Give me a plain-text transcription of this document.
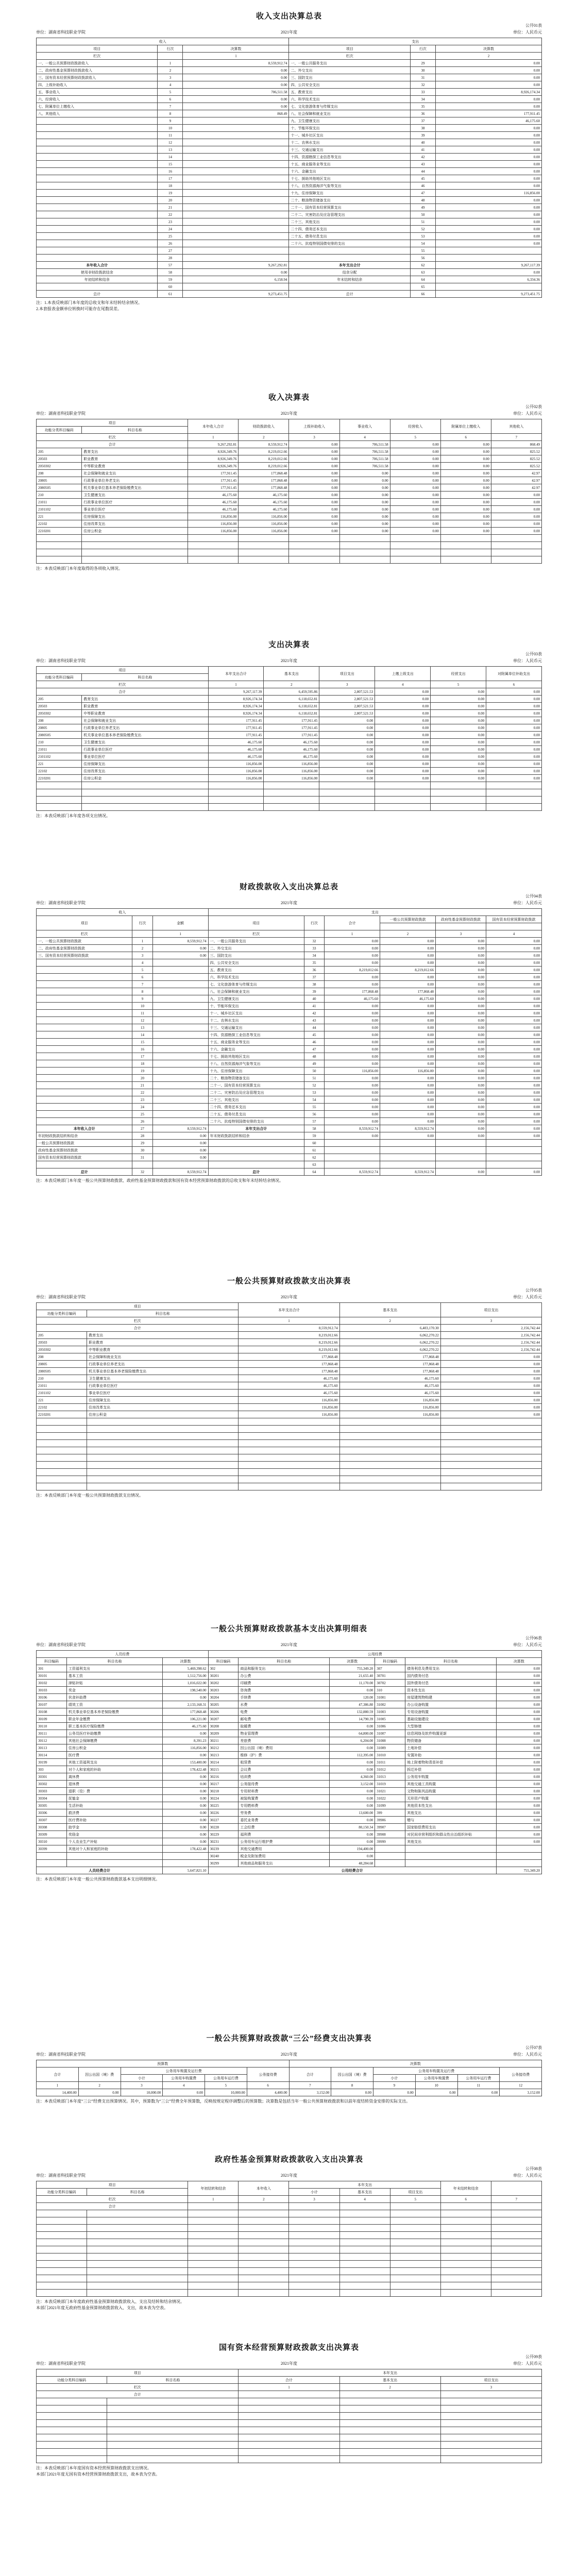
收入支出决算总表
公开01表
单位：湖南省科技职业学院	2021年度	单位：人民币元
收入			支出		
项目	行次	决算数	项目	行次	决算数
栏次		1	栏次		2
一、一般公共预算财政拨款收入	1	8,559,912.74	一、一般公共服务支出	29	0.00
二、政府性基金预算财政拨款收入	2	0.00	二、外交支出	30	0.00
三、国有资本经营预算财政拨款收入	3	0.00	三、国防支出	31	0.00
四、上级补助收入	4	0.00	四、公共安全支出	32	0.00
五、事业收入	5	706,511.58	五、教育支出	33	8,926,174.34
六、经营收入	6	0.00	六、科学技术支出	34	0.00
七、附属单位上缴收入	7	0.00	七、文化旅游体育与传媒支出	35	0.00
八、其他收入	8	868.49	八、社会保障和就业支出	36	177,911.45
	9		九、卫生健康支出	37	46,175.60
	10		十、节能环保支出	38	0.00
	11		十一、城乡社区支出	39	0.00
	12		十二、农林水支出	40	0.00
	13		十三、交通运输支出	41	0.00
	14		十四、资源勘探工业信息等支出	42	0.00
	15		十五、商业服务业等支出	43	0.00
	16		十六、金融支出	44	0.00
	17		十七、援助其他地区支出	45	0.00
	18		十八、自然资源海洋气象等支出	46	0.00
	19		十九、住房保障支出	47	116,856.00
	20		二十、粮油物资储备支出	48	0.00
	21		二十一、国有资本经营预算支出	49	0.00
	22		二十二、灾害防治及应急管理支出	50	0.00
	23		二十三、其他支出	51	0.00
	24		二十四、债务还本支出	52	0.00
	25		二十五、债务付息支出	53	0.00
	26		二十六、抗疫特别国债安排的支出	54	0.00
	27			55	
	28			56	
本年收入合计	57	9,267,292.81	本年支出合计	62	9,267,117.39
使用非财政拨款结余	58	0.00	结余分配	63	0.00
年初结转和结余	59	6,158.94	年末结转和结余	64	6,334.36
	60			65	
总计	61	9,273,451.75	总计	66	9,273,451.75
注：1.本表反映部门本年度的总收支和年末结转结余情况。
2.本套报表金额单位转换时可能存在尾数误差。
收入决算表
公开02表
单位：湖南省科技职业学院	2021年度	单位：人民币元
项目		本年收入合计	财政拨款收入	上级补助收入	事业收入	经营收入	附属单位上缴收入	其他收入
功能分类科目编码	科目名称							
栏次		1	2	3	4	5	6	7
合计		9,267,292.81	8,559,912.74	0.00	706,511.58	0.00	0.00	868.49
205	教育支出	8,926,349.76	8,219,012.66	0.00	706,511.58	0.00	0.00	825.52
20503	职业教育	8,926,349.76	8,219,012.66	0.00	706,511.58	0.00	0.00	825.52
2050302	中等职业教育	8,926,349.76	8,219,012.66	0.00	706,511.58	0.00	0.00	825.52
208	社会保障和就业支出	177,911.45	177,868.48	0.00	0.00	0.00	0.00	42.97
20805	行政事业单位养老支出	177,911.45	177,868.48	0.00	0.00	0.00	0.00	42.97
2080505	机关事业单位基本养老保险缴费支出	177,911.45	177,868.48	0.00	0.00	0.00	0.00	42.97
210	卫生健康支出	46,175.60	46,175.60	0.00	0.00	0.00	0.00	0.00
21011	行政事业单位医疗	46,175.60	46,175.60	0.00	0.00	0.00	0.00	0.00
2101102	事业单位医疗	46,175.60	46,175.60	0.00	0.00	0.00	0.00	0.00
221	住房保障支出	116,856.00	116,856.00	0.00	0.00	0.00	0.00	0.00
22102	住房改革支出	116,856.00	116,856.00	0.00	0.00	0.00	0.00	0.00
2210201	住房公积金	116,856.00	116,856.00	0.00	0.00	0.00	0.00	0.00

注：本表反映部门本年度取得的各项收入情况。
支出决算表
公开03表
单位：湖南省科技职业学院	2021年度	单位：人民币元
项目		本年支出合计	基本支出	项目支出	上缴上级支出	经营支出	对附属单位补助支出
功能分类科目编码	科目名称						
栏次		1	2	3	4	5	6
合计		9,267,117.39	6,459,595.86	2,807,521.53	0.00	0.00	0.00
205	教育支出	8,926,174.34	6,118,652.81	2,807,521.53	0.00	0.00	0.00
20503	职业教育	8,926,174.34	6,118,652.81	2,807,521.53	0.00	0.00	0.00
2050302	中等职业教育	8,926,174.34	6,118,652.81	2,807,521.53	0.00	0.00	0.00
208	社会保障和就业支出	177,911.45	177,911.45	0.00	0.00	0.00	0.00
20805	行政事业单位养老支出	177,911.45	177,911.45	0.00	0.00	0.00	0.00
2080505	机关事业单位基本养老保险缴费支出	177,911.45	177,911.45	0.00	0.00	0.00	0.00
210	卫生健康支出	46,175.60	46,175.60	0.00	0.00	0.00	0.00
21011	行政事业单位医疗	46,175.60	46,175.60	0.00	0.00	0.00	0.00
2101102	事业单位医疗	46,175.60	46,175.60	0.00	0.00	0.00	0.00
221	住房保障支出	116,856.00	116,856.00	0.00	0.00	0.00	0.00
22102	住房改革支出	116,856.00	116,856.00	0.00	0.00	0.00	0.00
2210201	住房公积金	116,856.00	116,856.00	0.00	0.00	0.00	0.00

注：本表反映部门本年度各项支出情况。
财政拨款收入支出决算总表
公开04表
单位：湖南省科技职业学院	2021年度	单位：人民币元
收入			支出					
项目	行次	金额	项目	行次	合计	一般公共预算财政拨款	政府性基金预算财政拨款	国有资本经营预算财政拨款

栏次		1	栏次		1	2	3	4
一、一般公共预算财政拨款	1	8,559,912.74	一、一般公共服务支出	32	0.00	0.00	0.00	0.00
二、政府性基金预算财政拨款	2	0.00	二、外交支出	33	0.00	0.00	0.00	0.00
三、国有资本经营预算财政拨款	3	0.00	三、国防支出	34	0.00	0.00	0.00	0.00
	4		四、公共安全支出	35	0.00	0.00	0.00	0.00
	5		五、教育支出	36	8,219,012.66	8,219,012.66	0.00	0.00
	6		六、科学技术支出	37	0.00	0.00	0.00	0.00
	7		七、文化旅游体育与传媒支出	38	0.00	0.00	0.00	0.00
	8		八、社会保障和就业支出	39	177,868.48	177,868.48	0.00	0.00
	9		九、卫生健康支出	40	46,175.60	46,175.60	0.00	0.00
	10		十、节能环保支出	41	0.00	0.00	0.00	0.00
	11		十一、城乡社区支出	42	0.00	0.00	0.00	0.00
	12		十二、农林水支出	43	0.00	0.00	0.00	0.00
	13		十三、交通运输支出	44	0.00	0.00	0.00	0.00
	14		十四、资源勘探工业信息等支出	45	0.00	0.00	0.00	0.00
	15		十五、商业服务业等支出	46	0.00	0.00	0.00	0.00
	16		十六、金融支出	47	0.00	0.00	0.00	0.00
	17		十七、援助其他地区支出	48	0.00	0.00	0.00	0.00
	18		十八、自然资源海洋气象等支出	49	0.00	0.00	0.00	0.00
	19		十九、住房保障支出	50	116,856.00	116,856.00	0.00	0.00
	20		二十、粮油物资储备支出	51	0.00	0.00	0.00	0.00
	21		二十一、国有资本经营预算支出	52	0.00	0.00	0.00	0.00
	22		二十二、灾害防治及应急管理支出	53	0.00	0.00	0.00	0.00
	23		二十三、其他支出	54	0.00	0.00	0.00	0.00
	24		二十四、债务还本支出	55	0.00	0.00	0.00	0.00
	25		二十五、债务付息支出	56	0.00	0.00	0.00	0.00
	26		二十六、抗疫特别国债安排的支出	57	0.00	0.00	0.00	0.00
本年收入合计	27	8,559,912.74	本年支出合计	58	8,559,912.74	8,559,912.74	0.00	0.00
年初财政拨款结转和结余	28	0.00	年末财政拨款结转和结余	59	0.00	0.00	0.00	0.00
一般公共预算财政拨款	29	0.00		60				
政府性基金预算财政拨款	30	0.00		61				
国有资本经营预算财政拨款	31	0.00		62				
				63				
总计	32	8,559,912.74	总计	64	8,559,912.74	8,559,912.74	0.00	0.00
注：本表反映部门本年度一般公共预算财政拨款、政府性基金预算财政拨款和国有资本经营预算财政拨款的总收支和年末结转结余情况。
一般公共预算财政拨款支出决算表
公开05表
单位：湖南省科技职业学院	2021年度	单位：人民币元
项目		本年支出合计	基本支出	项目支出
功能分类科目编码	科目名称			
栏次		1	2	3
合计		8,559,912.74	6,403,170.30	2,156,742.44
205	教育支出	8,219,012.66	6,062,270.22	2,156,742.44
20503	职业教育	8,219,012.66	6,062,270.22	2,156,742.44
2050302	中等职业教育	8,219,012.66	6,062,270.22	2,156,742.44
208	社会保障和就业支出	177,868.48	177,868.48	0.00
20805	行政事业单位养老支出	177,868.48	177,868.48	0.00
2080505	机关事业单位基本养老保险缴费支出	177,868.48	177,868.48	0.00
210	卫生健康支出	46,175.60	46,175.60	0.00
21011	行政事业单位医疗	46,175.60	46,175.60	0.00
2101102	事业单位医疗	46,175.60	46,175.60	0.00
221	住房保障支出	116,856.00	116,856.00	0.00
22102	住房改革支出	116,856.00	116,856.00	0.00
2210201	住房公积金	116,856.00	116,856.00	0.00

注：本表反映部门本年度一般公共预算财政拨款支出情况。
一般公共预算财政拨款基本支出决算明细表
公开06表
单位：湖南省科技职业学院	2021年度	单位：人民币元
人员经费			公用经费					
科目编码	科目名称	决算数	科目编码	科目名称	决算数	科目编码	科目名称	决算数
301	工资福利支出	5,469,398.62	302	商品和服务支出	755,349.20	307	债务利息及费用支出	0.00
30101	基本工资	1,512,756.00	30201	办公费	21,655.40	30701	国内债务付息	0.00
30102	津贴补贴	1,016,022.00	30202	印刷费	11,170.00	30702	国外债务付息	0.00
30103	奖金	198,540.00	30203	咨询费	0.00	310	资本性支出	0.00
30106	伙食补助费	0.00	30204	手续费	120.00	31001	房屋建筑物购建	0.00
30107	绩效工资	2,133,168.31	30205	水费	47,386.80	31002	办公设备购置	0.00
30108	机关事业单位基本养老保险缴费	177,868.48	30206	电费	132,880.59	31003	专用设备购置	0.00
30109	职业年金缴费	106,221.00	30207	邮电费	14,790.39	31005	基础设施建设	0.00
30110	职工基本医疗保险缴费	46,175.60	30208	取暖费	0.00	31006	大型修缮	0.00
30111	公务员医疗补助缴费	0.00	30209	物业管理费	64,800.00	31007	信息网络及软件购置更新	0.00
30112	其他社会保障缴费	8,391.23	30211	差旅费	6,204.00	31008	物资储备	0.00
30113	住房公积金	116,856.00	30212	因公出国（境）费用	0.00	31009	土地补偿	0.00
30114	医疗费	0.00	30213	维修（护）费	112,395.00	31010	安置补助	0.00
30199	其他工资福利支出	153,400.00	30214	租赁费	0.00	31011	地上附着物和青苗补偿	0.00
303	对个人和家庭的补助	178,422.48	30215	会议费	0.00	31012	拆迁补偿	0.00
30301	离休费	0.00	30216	培训费	4,360.00	31013	公务用车购置	0.00
30302	退休费	0.00	30217	公务接待费	3,152.00	31019	其他交通工具购置	0.00
30303	退职（役）费	0.00	30218	专用材料费	0.00	31021	文物和陈列品购置	0.00
30304	抚恤金	0.00	30224	被装购置费	0.00	31022	无形资产购置	0.00
30305	生活补助	0.00	30225	专用燃料费	0.00	31099	其他资本性支出	0.00
30306	救济费	0.00	30226	劳务费	13,600.00	399	其他支出	0.00
30307	医疗费补助	0.00	30227	委托业务费	0.00	39906	赠与	0.00
30308	助学金	0.00	30228	工会经费	80,150.34	39907	国家赔偿费用支出	0.00
30309	奖励金	0.00	30229	福利费	0.00	39908	对民间非营利组织和群众性自治组织补贴	0.00
30310	个人农业生产补贴	0.00	30231	公务用车运行维护费	0.00	39999	其他支出	0.00
30399	其他对个人和家庭的补助	178,422.48	30239	其他交通费用	194,400.00			
			30240	税金及附加费用	0.00			
			30299	其他商品和服务支出	48,284.68			
人员经费合计		5,647,821.10	公用经费合计					755,349.20
注：本表反映部门本年度一般公共预算财政拨款基本支出明细情况。
一般公共预算财政拨款“三公”经费支出决算表
公开07表
单位：湖南省科技职业学院	2021年度	单位：人民币元
预算数						决算数					
合计	因公出国（境）费	公务用车购置及运行费			公务接待费	合计	因公出国（境）费	公务用车购置及运行费			公务接待费
		小计	公务用车购置费	公务用车运行费				小计	公务用车购置费	公务用车运行费	
1	2	3	4	5	6	7	8	9	10	11	12
14,400.00	0.00	10,000.00	0.00	10,000.00	4,400.00	3,152.00	0.00	0.00	0.00	0.00	3,152.00
注：本表反映部门本年度“三公”经费支出预算情况。其中，预算数为“三公”经费全年预算数，反映按规定程序调整后的预算数；决算数是包括当年一般公共预算财政拨款和以前年度结转资金安排的实际支出。
政府性基金预算财政拨款收入支出决算表
公开08表
单位：湖南省科技职业学院	2021年度	单位：人民币元
项目		年初结转和结余	本年收入	本年支出			年末结转和结余	
功能分类科目编码	科目名称			小计	基本支出	项目支出		
栏次		1	2	3	4	5	6	7
合计								

注：本表反映部门本年度政府性基金预算财政拨款收入、支出及结转和结余情况。
本部门2021年度无政府性基金预算财政拨款收入、支出，故本表为空表。
国有资本经营预算财政拨款支出决算表
公开09表
单位：湖南省科技职业学院	2021年度	单位：人民币元
项目		本年支出		
功能分类科目编码	科目名称	合计	基本支出	项目支出
栏次		1	2	3
合计				

注：本表反映部门本年度国有资本经营预算财政拨款支出情况。
本部门2021年度无国有资本经营预算财政拨款支出，故本表为空表。
